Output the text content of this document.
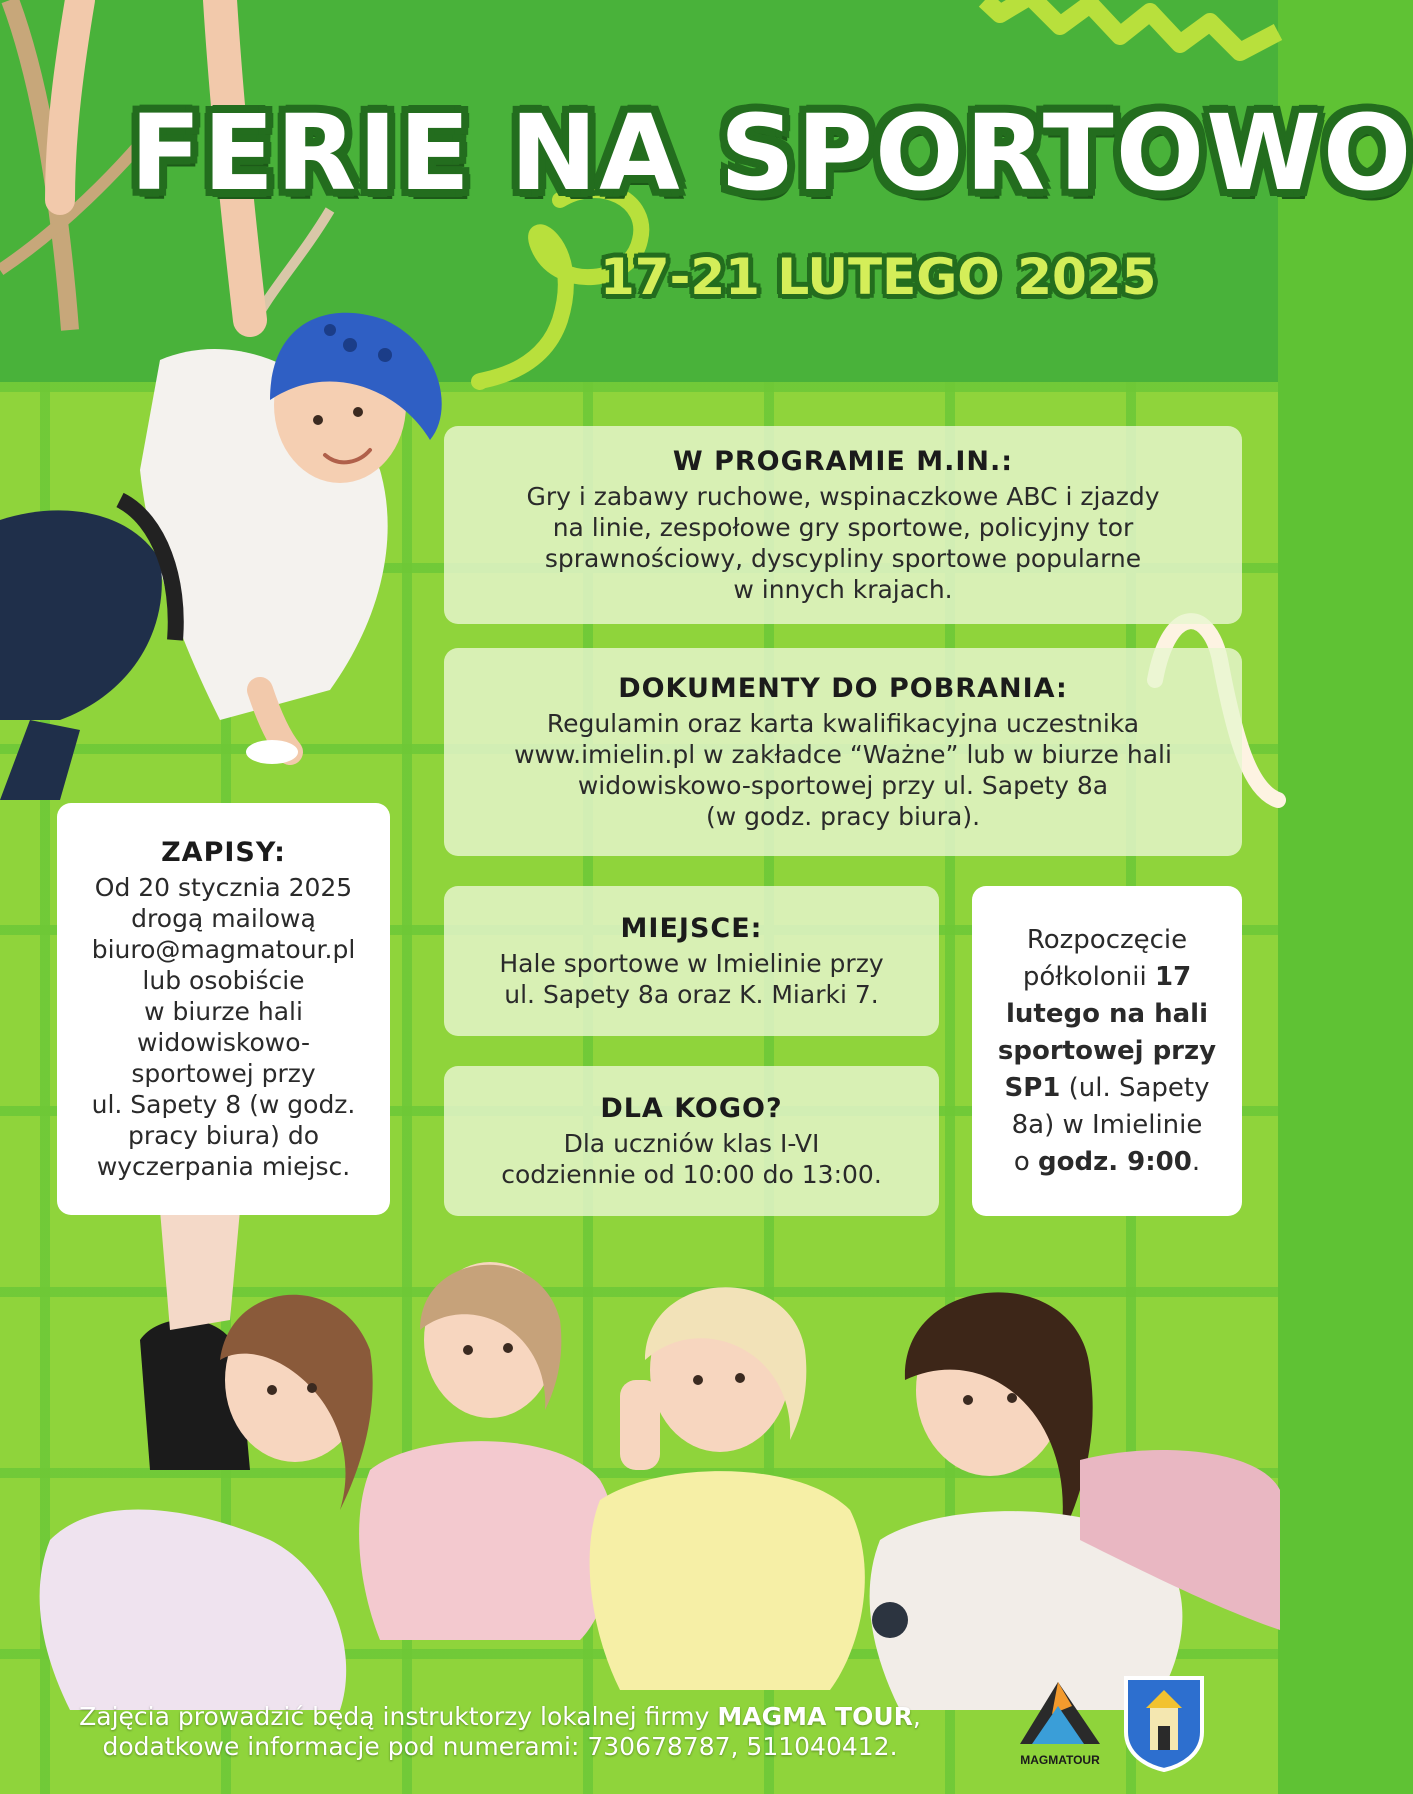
FERIE NA SPORTOWO
17-21 LUTEGO 2025
W PROGRAMIE M.IN.:
Gry i zabawy ruchowe, wspinaczkowe ABC i zjazdy
na linie, zespołowe gry sportowe, policyjny tor
sprawnościowy, dyscypliny sportowe popularne
w innych krajach.
DOKUMENTY DO POBRANIA:
Regulamin oraz karta kwalifikacyjna uczestnika
www.imielin.pl w zakładce “Ważne” lub w biurze hali
widowiskowo-sportowej przy ul. Sapety 8a
(w godz. pracy biura).
ZAPISY:
Od 20 stycznia 2025
drogą mailową
biuro@magmatour.pl
lub osobiście
w biurze hali
widowiskowo-
sportowej przy
ul. Sapety 8 (w godz.
pracy biura) do
wyczerpania miejsc.
MIEJSCE:
Hale sportowe w Imielinie przy
ul. Sapety 8a oraz K. Miarki 7.
DLA KOGO?
Dla uczniów klas I-VI
codziennie od 10:00 do 13:00.
Rozpoczęcie
półkolonii 17
lutego na hali
sportowej przy
SP1 (ul. Sapety
8a) w Imielinie
o godz. 9:00.
Zajęcia prowadzić będą instruktorzy lokalnej firmy MAGMA TOUR,
dodatkowe informacje pod numerami: 730678787, 511040412.	MAGMATOUR
